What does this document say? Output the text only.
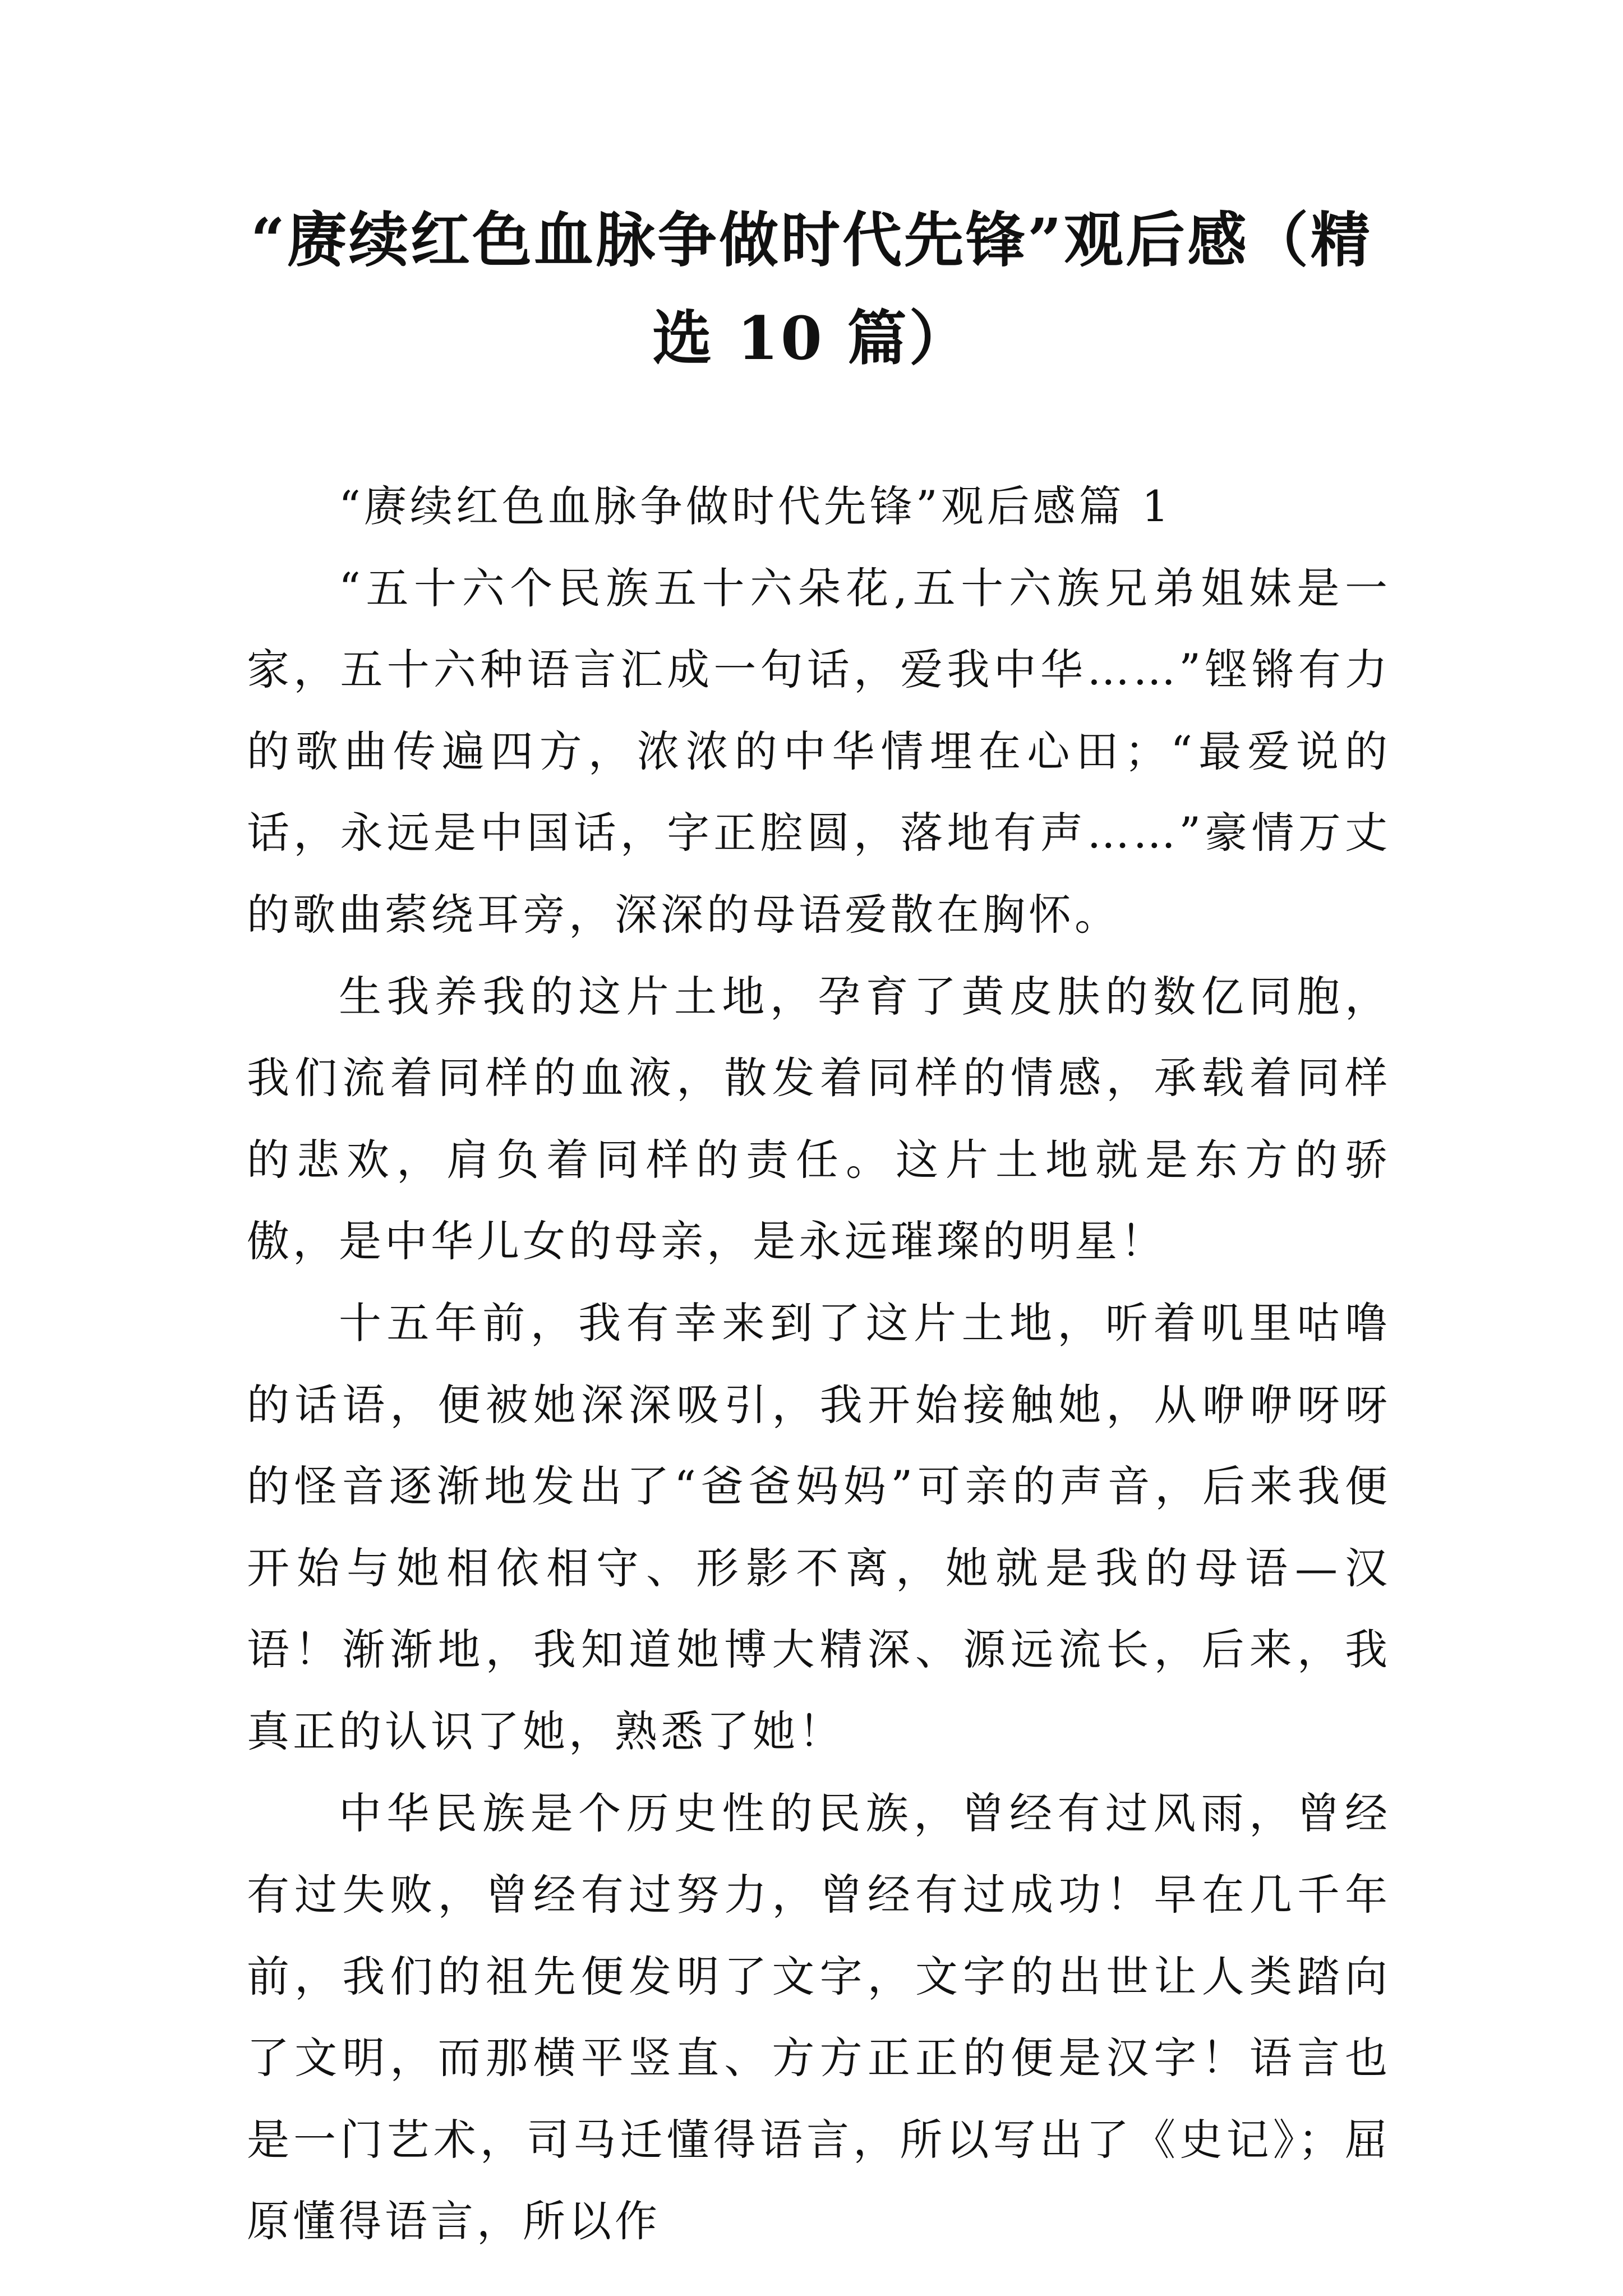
“赓续红色血脉争做时代先锋”观后感（精
选 10 篇）

“赓续红色血脉争做时代先锋”观后感篇 1

“五十六个民族五十六朵花,五十六族兄弟姐妹是一家，五十六种语言汇成一句话，爱我中华……”铿锵有力的歌曲传遍四方，浓浓的中华情埋在心田；“最爱说的话，永远是中国话，字正腔圆，落地有声……”豪情万丈的歌曲萦绕耳旁，深深的母语爱散在胸怀。

生我养我的这片土地，孕育了黄皮肤的数亿同胞，我们流着同样的血液，散发着同样的情感，承载着同样的悲欢，肩负着同样的责任。这片土地就是东方的骄傲，是中华儿女的母亲，是永远璀璨的明星！

十五年前，我有幸来到了这片土地，听着叽里咕噜的话语，便被她深深吸引，我开始接触她，从咿咿呀呀的怪音逐渐地发出了“爸爸妈妈”可亲的声音，后来我便开始与她相依相守、形影不离，她就是我的母语—汉语！渐渐地，我知道她博大精深、源远流长，后来，我真正的认识了她，熟悉了她！

中华民族是个历史性的民族，曾经有过风雨，曾经有过失败，曾经有过努力，曾经有过成功！早在几千年前，我们的祖先便发明了文字，文字的出世让人类踏向了文明，而那横平竖直、方方正正的便是汉字！语言也是一门艺术，司马迁懂得语言，所以写出了《史记》；屈原懂得语言，所以作
